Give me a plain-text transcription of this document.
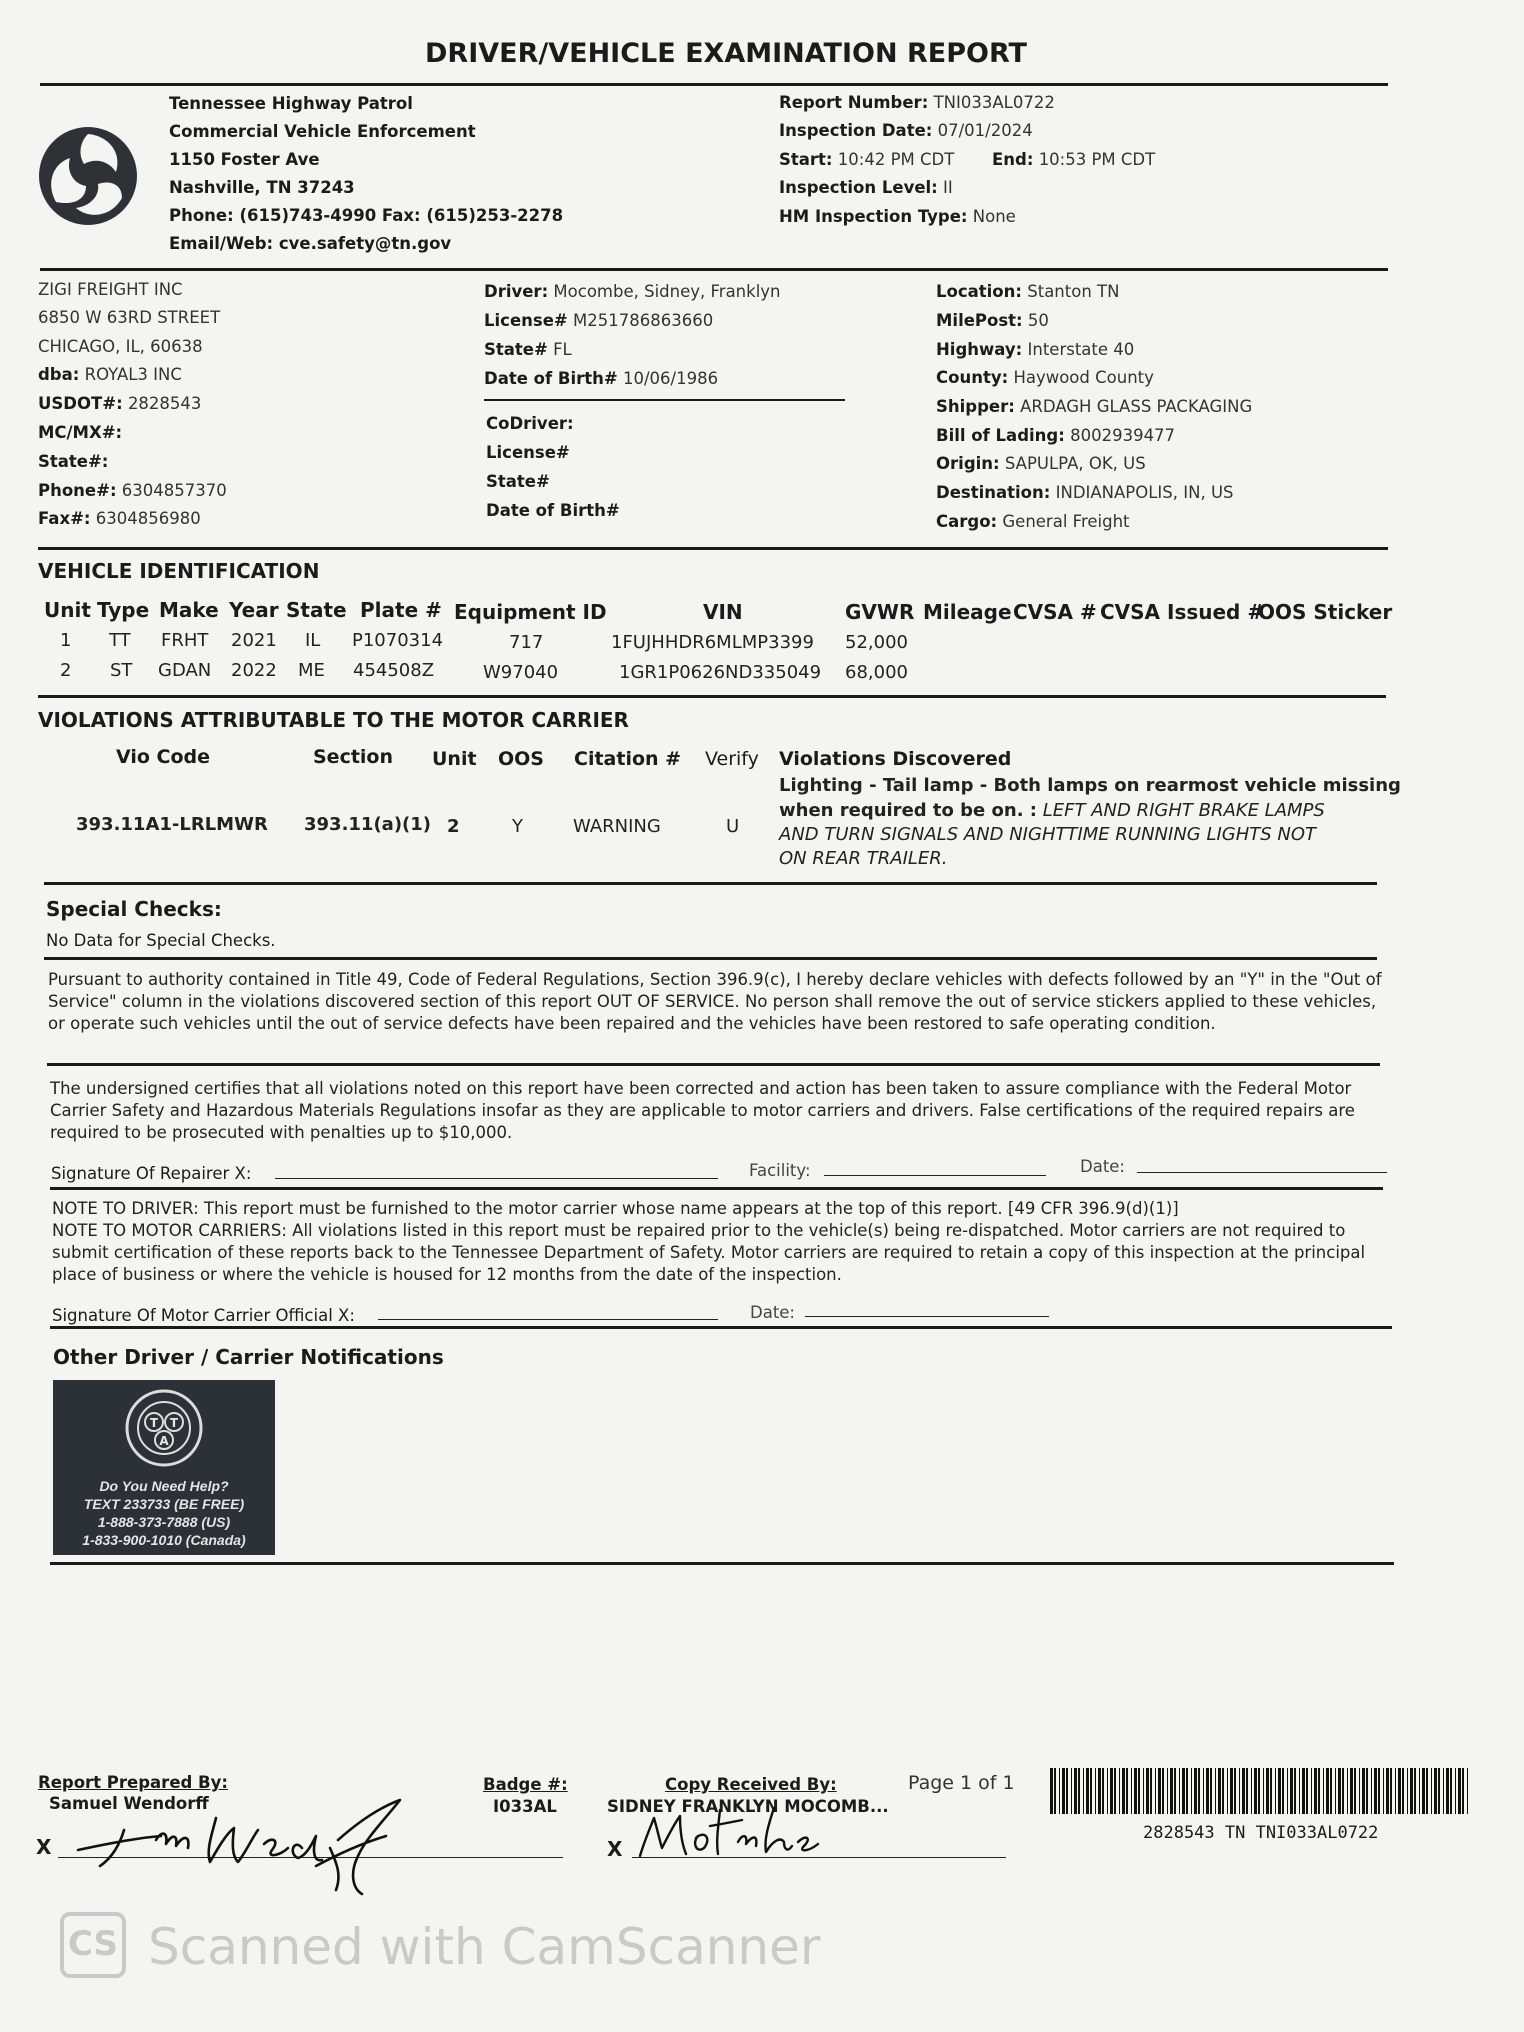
DRIVER/VEHICLE EXAMINATION REPORT
Tennessee Highway Patrol
Commercial Vehicle Enforcement
1150 Foster Ave
Nashville, TN 37243
Phone: (615)743-4990 Fax: (615)253-2278
Email/Web: cve.safety@tn.gov
Report Number: TNI033AL0722
Inspection Date: 07/01/2024
Start: 10:42 PM CDT End: 10:53 PM CDT
Inspection Level: II
HM Inspection Type: None
ZIGI FREIGHT INC
6850 W 63RD STREET
CHICAGO, IL, 60638
dba: ROYAL3 INC
USDOT#: 2828543
MC/MX#:
State#:
Phone#: 6304857370
Fax#: 6304856980
Driver: Mocombe, Sidney, Franklyn
License# M251786863660
State# FL
Date of Birth# 10/06/1986
CoDriver:
License#
State#
Date of Birth#
Location: Stanton TN
MilePost: 50
Highway: Interstate 40
County: Haywood County
Shipper: ARDAGH GLASS PACKAGING
Bill of Lading: 8002939477
Origin: SAPULPA, OK, US
Destination: INDIANAPOLIS, IN, US
Cargo: General Freight
VEHICLE IDENTIFICATION
Unit Type Make Year State Plate # Equipment ID	VIN	GVWR Mileage CVSA # CVSA Issued #
OOS Sticker
1 TT FRHT 2021 IL P1070314	717	1FUJHHDR6MLMP3399 52,000
2 ST GDAN 2022 ME 454508Z	W97040	1GR1P0626ND335049 68,000
VIOLATIONS ATTRIBUTABLE TO THE MOTOR CARRIER
Vio Code	Section Unit OOS Citation # Verify Violations Discovered
393.11A1-LRLMWR 393.11(a)(1) 2	Y	WARNING	U
Lighting - Tail lamp - Both lamps on rearmost vehicle missing
when required to be on. : LEFT AND RIGHT BRAKE LAMPS
AND TURN SIGNALS AND NIGHTTIME RUNNING LIGHTS NOT
ON REAR TRAILER.
Special Checks:
No Data for Special Checks.
Pursuant to authority contained in Title 49, Code of Federal Regulations, Section 396.9(c), I hereby declare vehicles with defects followed by an "Y" in the "Out of Service" column in the violations discovered section of this report OUT OF SERVICE. No person shall remove the out of service stickers applied to these vehicles, or operate such vehicles until the out of service defects have been repaired and the vehicles have been restored to safe operating condition.
The undersigned certifies that all violations noted on this report have been corrected and action has been taken to assure compliance with the Federal Motor Carrier Safety and Hazardous Materials Regulations insofar as they are applicable to motor carriers and drivers. False certifications of the required repairs are required to be prosecuted with penalties up to $10,000.
Signature Of Repairer X:	Facility:	Date:
NOTE TO DRIVER: This report must be furnished to the motor carrier whose name appears at the top of this report. [49 CFR 396.9(d)(1)]
NOTE TO MOTOR CARRIERS: All violations listed in this report must be repaired prior to the vehicle(s) being re-dispatched. Motor carriers are not required to submit certification of these reports back to the Tennessee Department of Safety. Motor carriers are required to retain a copy of this inspection at the principal place of business or where the vehicle is housed for 12 months from the date of the inspection.
Signature Of Motor Carrier Official X:	Date:
Other Driver / Carrier Notifications
T T
A
Do You Need Help?
TEXT 233733 (BE FREE)
1-888-373-7888 (US)
1-833-900-1010 (Canada)
Report Prepared By:
Samuel Wendorff
X
Badge #:
I033AL
Copy Received By:
SIDNEY FRANKLYN MOCOMB...
X
Page 1 of 1
2828543 TN TNI033AL0722
CS Scanned with CamScanner
